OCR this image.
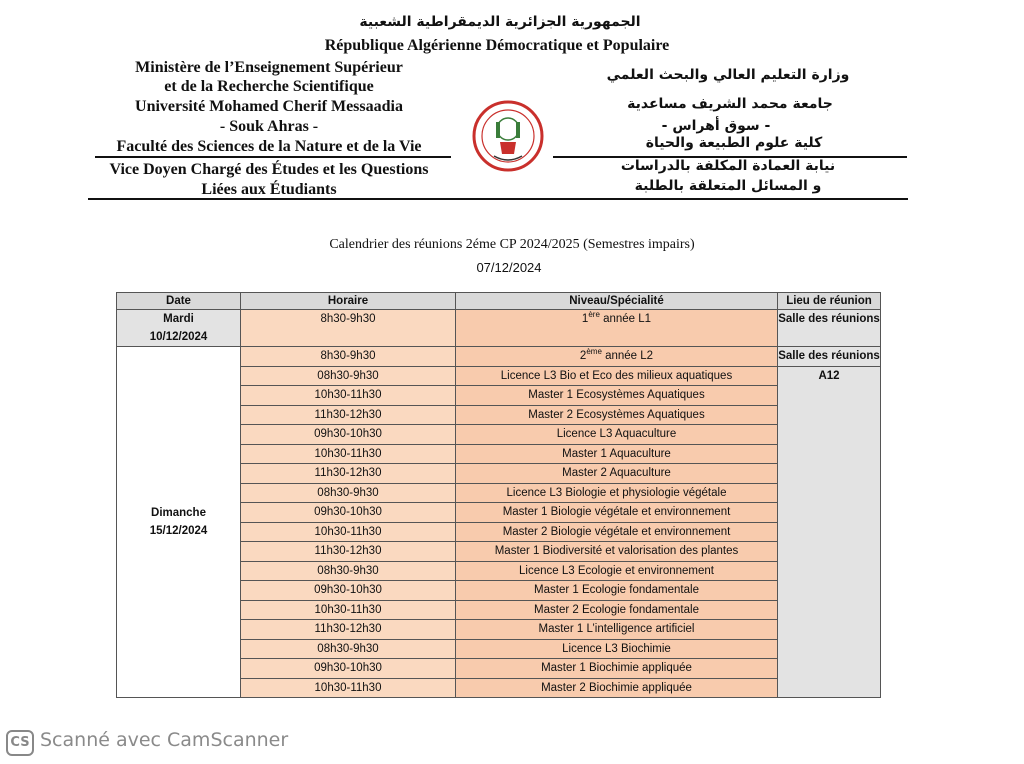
الجمهورية الجزائرية الديمقراطية الشعبية
République Algérienne Démocratique et Populaire
Ministère de l’Enseignement Supérieur
et de la Recherche Scientifique
Université Mohamed Cherif Messaadia
- Souk Ahras -
Faculté des Sciences de la Nature et de la Vie
Vice Doyen Chargé des Études et les Questions
Liées aux Étudiants
وزارة التعليم العالي والبحث العلمي
جامعة محمد الشريف مساعدية
- سوق أهراس -
كلية علوم الطبيعة والحياة
نيابة العمادة المكلفة بالدراسات
و المسائل المتعلقة بالطلبة
Calendrier des réunions 2éme CP 2024/2025 (Semestres impairs)
07/12/2024
Date	Horaire	Niveau/Spécialité	Lieu de réunion

Mardi
10/12/2024	8h30-9h30	1ère année L1	Salle des réunions

Dimanche
15/12/2024	8h30-9h30	2ème année L2	Salle des réunions
	08h30-9h30	Licence L3 Bio et Eco des milieux aquatiques	A12
	10h30-11h30	Master 1 Ecosystèmes Aquatiques	
	11h30-12h30	Master 2 Ecosystèmes Aquatiques	
	09h30-10h30	Licence L3 Aquaculture	
	10h30-11h30	Master 1 Aquaculture	
	11h30-12h30	Master 2 Aquaculture	
	08h30-9h30	Licence L3 Biologie et physiologie végétale	
	09h30-10h30	Master 1 Biologie végétale et environnement	
	10h30-11h30	Master 2 Biologie végétale et environnement	
	11h30-12h30	Master 1 Biodiversité et valorisation des plantes	
	08h30-9h30	Licence L3 Ecologie et environnement	
	09h30-10h30	Master 1 Ecologie fondamentale	
	10h30-11h30	Master 2 Ecologie fondamentale	
	11h30-12h30	Master 1 L’intelligence artificiel	
	08h30-9h30	Licence L3 Biochimie	
	09h30-10h30	Master 1 Biochimie appliquée	
	10h30-11h30	Master 2 Biochimie appliquée	
CS Scanné avec CamScanner
